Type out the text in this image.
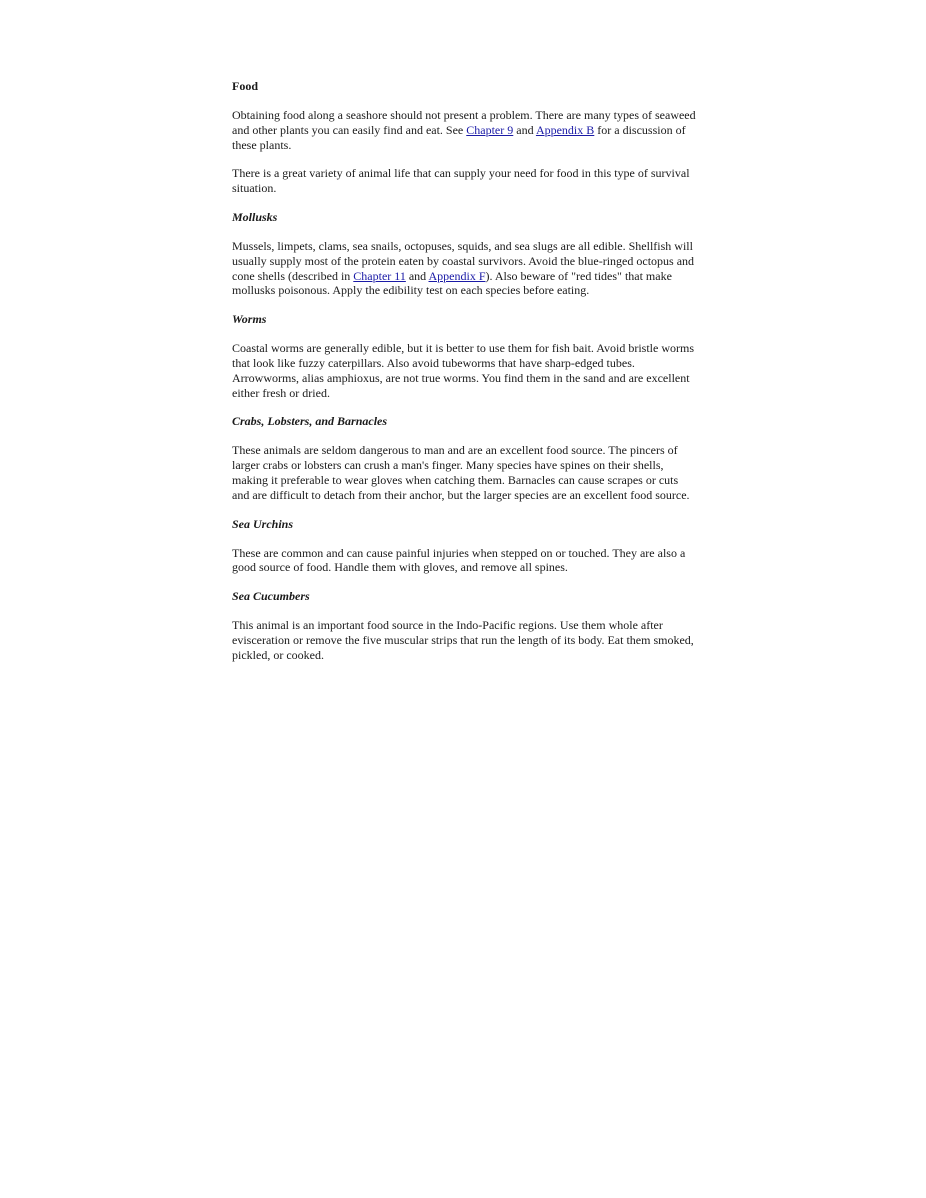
Food

Obtaining food along a seashore should not present a problem. There are many types of seaweed and other plants you can easily find and eat. See Chapter 9 and Appendix B for a discussion of these plants.

There is a great variety of animal life that can supply your need for food in this type of survival situation.

Mollusks

Mussels, limpets, clams, sea snails, octopuses, squids, and sea slugs are all edible. Shellfish will usually supply most of the protein eaten by coastal survivors. Avoid the blue-ringed octopus and cone shells (described in Chapter 11 and Appendix F). Also beware of "red tides" that make mollusks poisonous. Apply the edibility test on each species before eating.

Worms

Coastal worms are generally edible, but it is better to use them for fish bait. Avoid bristle worms that look like fuzzy caterpillars. Also avoid tubeworms that have sharp-edged tubes. Arrowworms, alias amphioxus, are not true worms. You find them in the sand and are excellent either fresh or dried.

Crabs, Lobsters, and Barnacles

These animals are seldom dangerous to man and are an excellent food source. The pincers of larger crabs or lobsters can crush a man's finger. Many species have spines on their shells, making it preferable to wear gloves when catching them. Barnacles can cause scrapes or cuts and are difficult to detach from their anchor, but the larger species are an excellent food source.

Sea Urchins

These are common and can cause painful injuries when stepped on or touched. They are also a good source of food. Handle them with gloves, and remove all spines.

Sea Cucumbers

This animal is an important food source in the Indo-Pacific regions. Use them whole after evisceration or remove the five muscular strips that run the length of its body. Eat them smoked, pickled, or cooked.
